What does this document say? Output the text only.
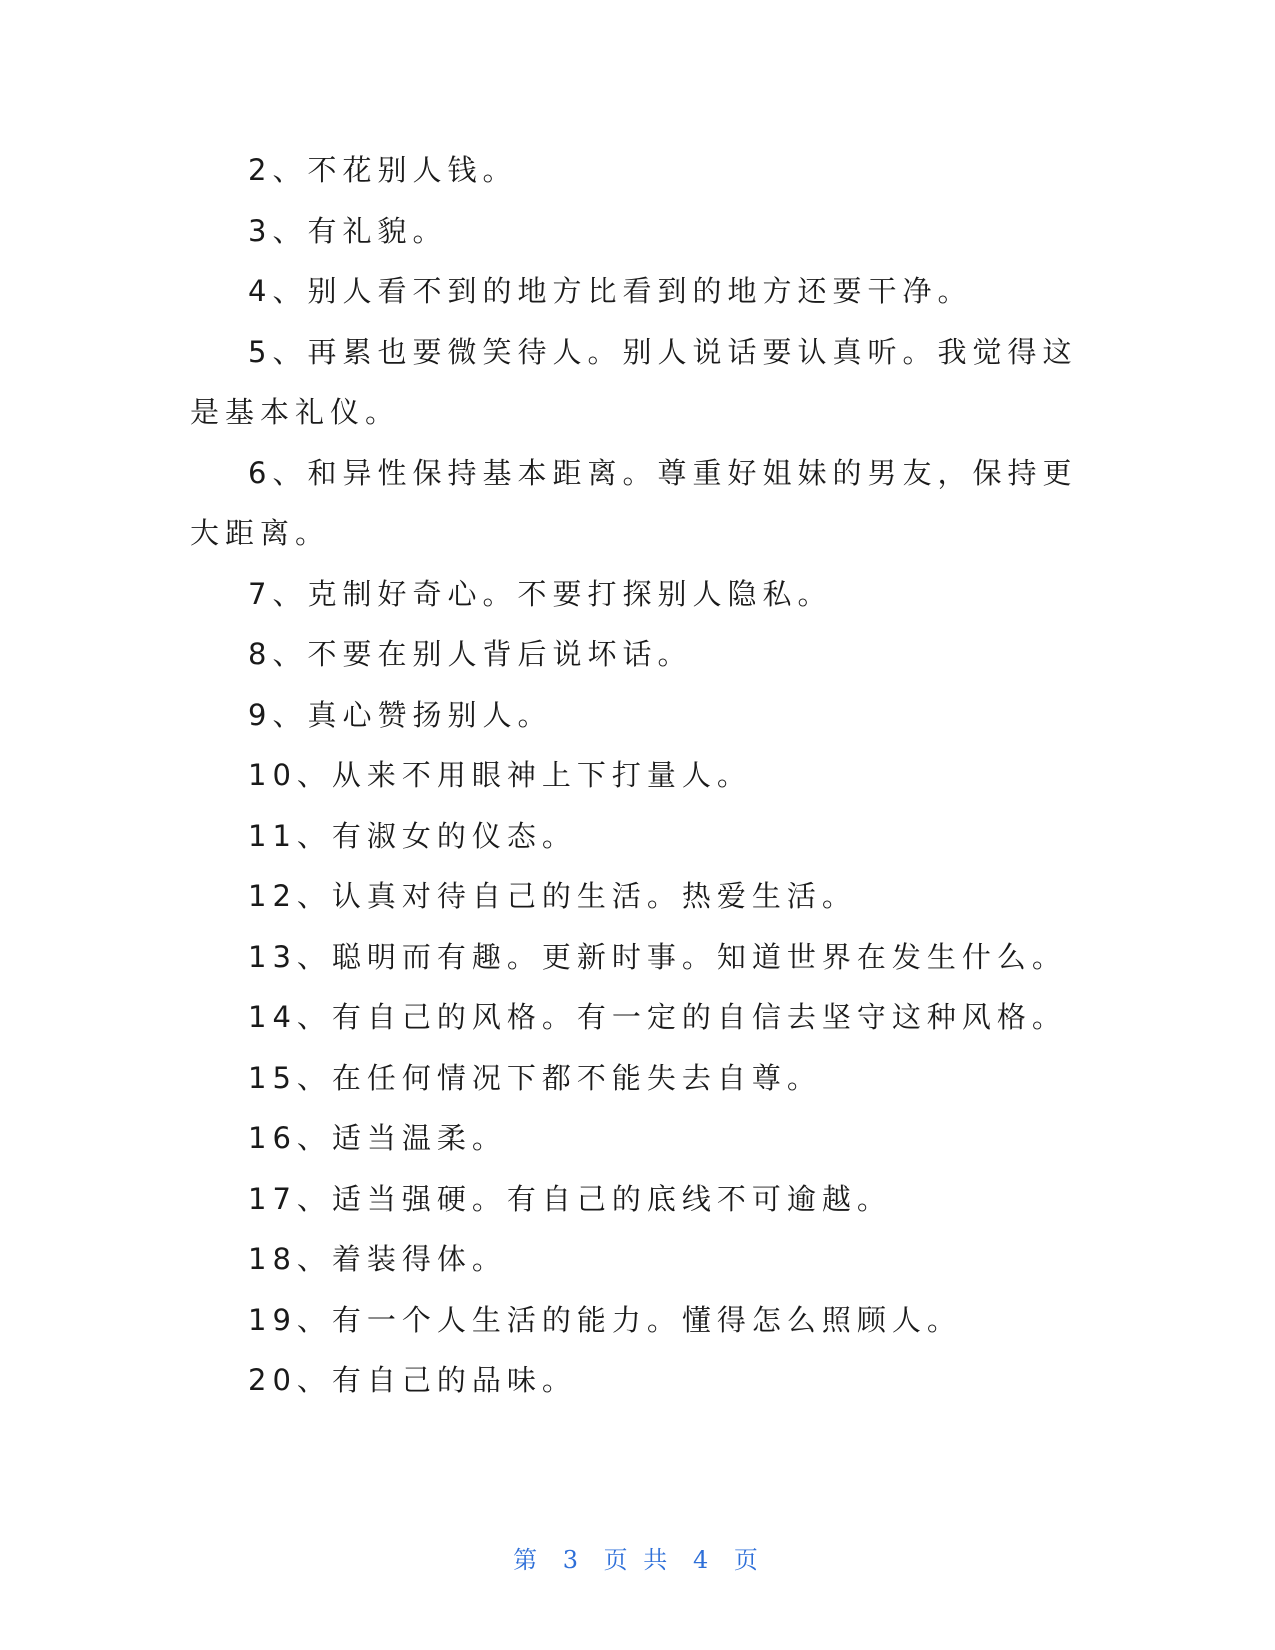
2、不花别人钱。

3、有礼貌。

4、别人看不到的地方比看到的地方还要干净。

5、再累也要微笑待人。别人说话要认真听。我觉得这是基本礼仪。

6、和异性保持基本距离。尊重好姐妹的男友，保持更大距离。

7、克制好奇心。不要打探别人隐私。

8、不要在别人背后说坏话。

9、真心赞扬别人。

10、从来不用眼神上下打量人。

11、有淑女的仪态。

12、认真对待自己的生活。热爱生活。

13、聪明而有趣。更新时事。知道世界在发生什么。

14、有自己的风格。有一定的自信去坚守这种风格。

15、在任何情况下都不能失去自尊。

16、适当温柔。

17、适当强硬。有自己的底线不可逾越。

18、着装得体。

19、有一个人生活的能力。懂得怎么照顾人。

20、有自己的品味。

第 3 页 共 4 页
